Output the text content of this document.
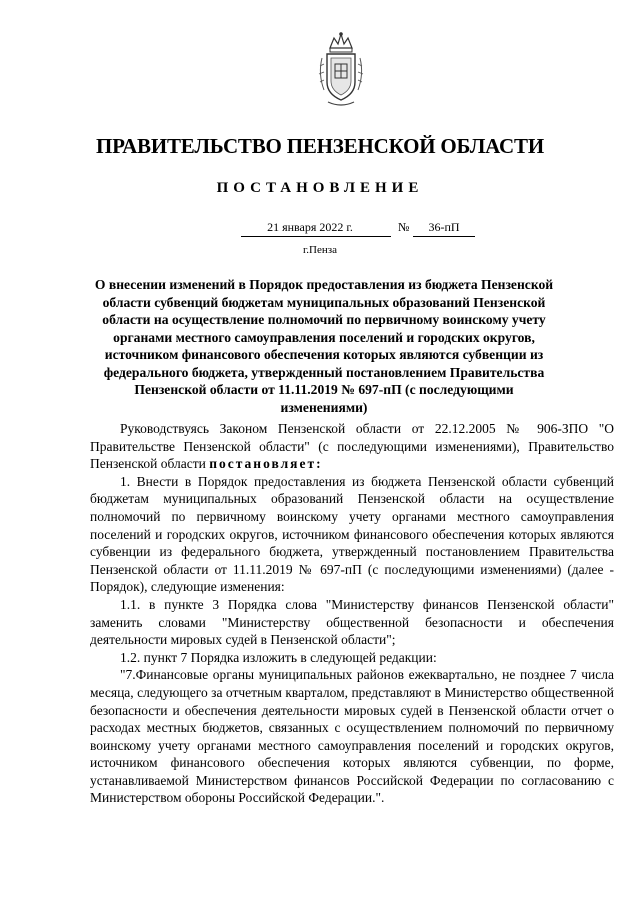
ПРАВИТЕЛЬСТВО ПЕНЗЕНСКОЙ ОБЛАСТИ
ПОСТАНОВЛЕНИЕ
21 января 2022 г.	№	36-пП
г.Пенза
О внесении изменений в Порядок предоставления из бюджета Пензенской области субвенций бюджетам муниципальных образований Пензенской области на осуществление полномочий по первичному воинскому учету органами местного самоуправления поселений и городских округов, источником финансового обеспечения которых являются субвенции из федерального бюджета, утвержденный постановлением Правительства Пензенской области от 11.11.2019 № 697-пП (с последующими изменениями)

Руководствуясь Законом Пензенской области от 22.12.2005 № 906-ЗПО "О Правительстве Пензенской области" (с последующими изменениями), Правительство Пензенской области постановляет:

1. Внести в Порядок предоставления из бюджета Пензенской области субвенций бюджетам муниципальных образований Пензенской области на осуществление полномочий по первичному воинскому учету органами местного самоуправления поселений и городских округов, источником финансового обеспечения которых являются субвенции из федерального бюджета, утвержденный постановлением Правительства Пензенской области от 11.11.2019 № 697-пП (с последующими изменениями) (далее - Порядок), следующие изменения:

1.1. в пункте 3 Порядка слова "Министерству финансов Пензенской области" заменить словами "Министерству общественной безопасности и обеспечения деятельности мировых судей в Пензенской области";

1.2. пункт 7 Порядка изложить в следующей редакции:

"7.Финансовые органы муниципальных районов ежеквартально, не позднее 7 числа месяца, следующего за отчетным кварталом, представляют в Министерство общественной безопасности и обеспечения деятельности мировых судей в Пензенской области отчет о расходах местных бюджетов, связанных с осуществлением полномочий по первичному воинскому учету органами местного самоуправления поселений и городских округов, источником финансового обеспечения которых являются субвенции, по форме, устанавливаемой Министерством финансов Российской Федерации по согласованию с Министерством обороны Российской Федерации.".
